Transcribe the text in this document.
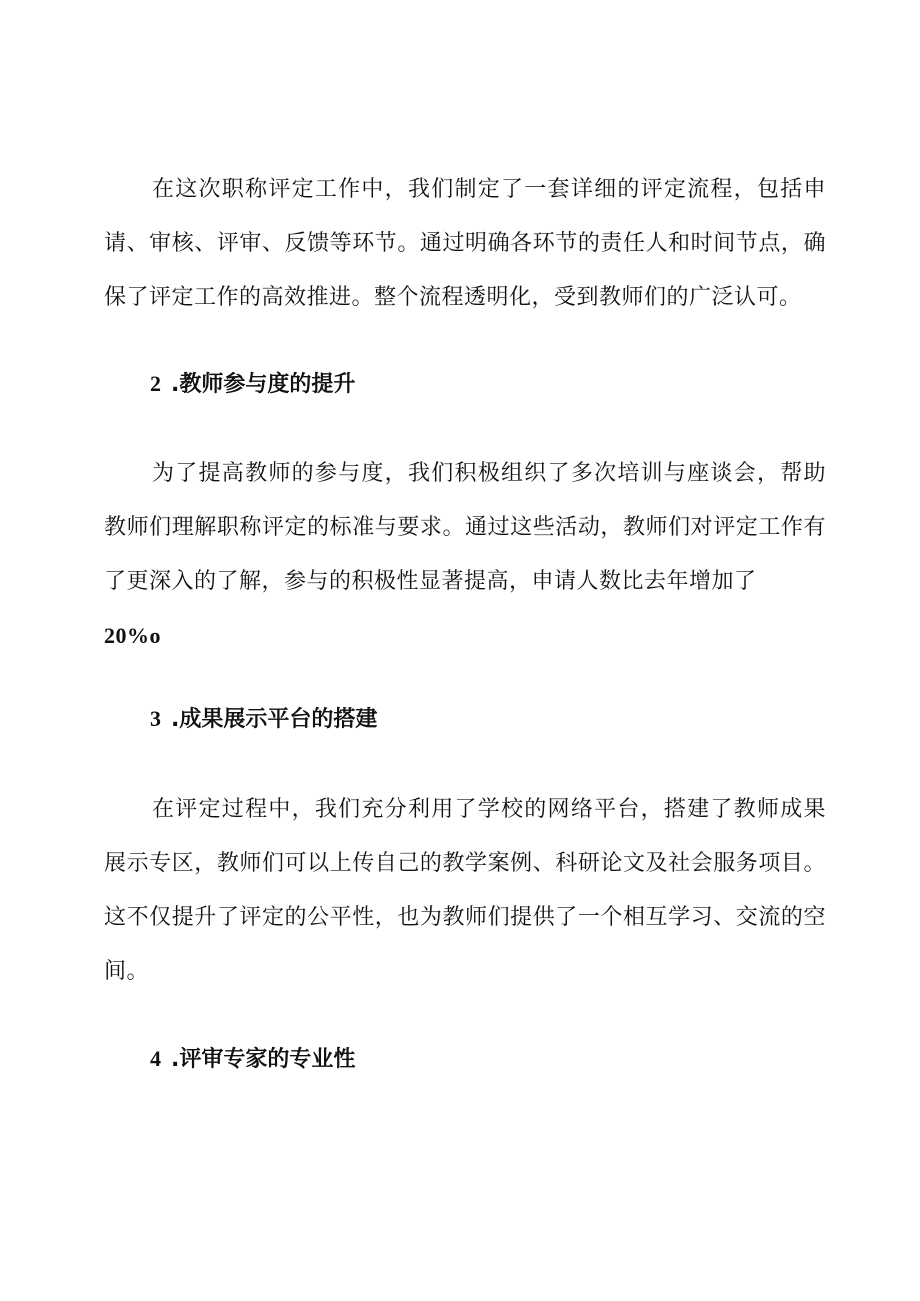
在这次职称评定工作中，我们制定了一套详细的评定流程，包括申请、审核、评审、反馈等环节。通过明确各环节的责任人和时间节点，确保了评定工作的高效推进。整个流程透明化，受到教师们的广泛认可。

2 .教师参与度的提升

为了提高教师的参与度，我们积极组织了多次培训与座谈会，帮助教师们理解职称评定的标准与要求。通过这些活动，教师们对评定工作有了更深入的了解，参与的积极性显著提高，申请人数比去年增加了
20%o

3 .成果展示平台的搭建

在评定过程中，我们充分利用了学校的网络平台，搭建了教师成果展示专区，教师们可以上传自己的教学案例、科研论文及社会服务项目。这不仅提升了评定的公平性，也为教师们提供了一个相互学习、交流的空间。

4 .评审专家的专业性
